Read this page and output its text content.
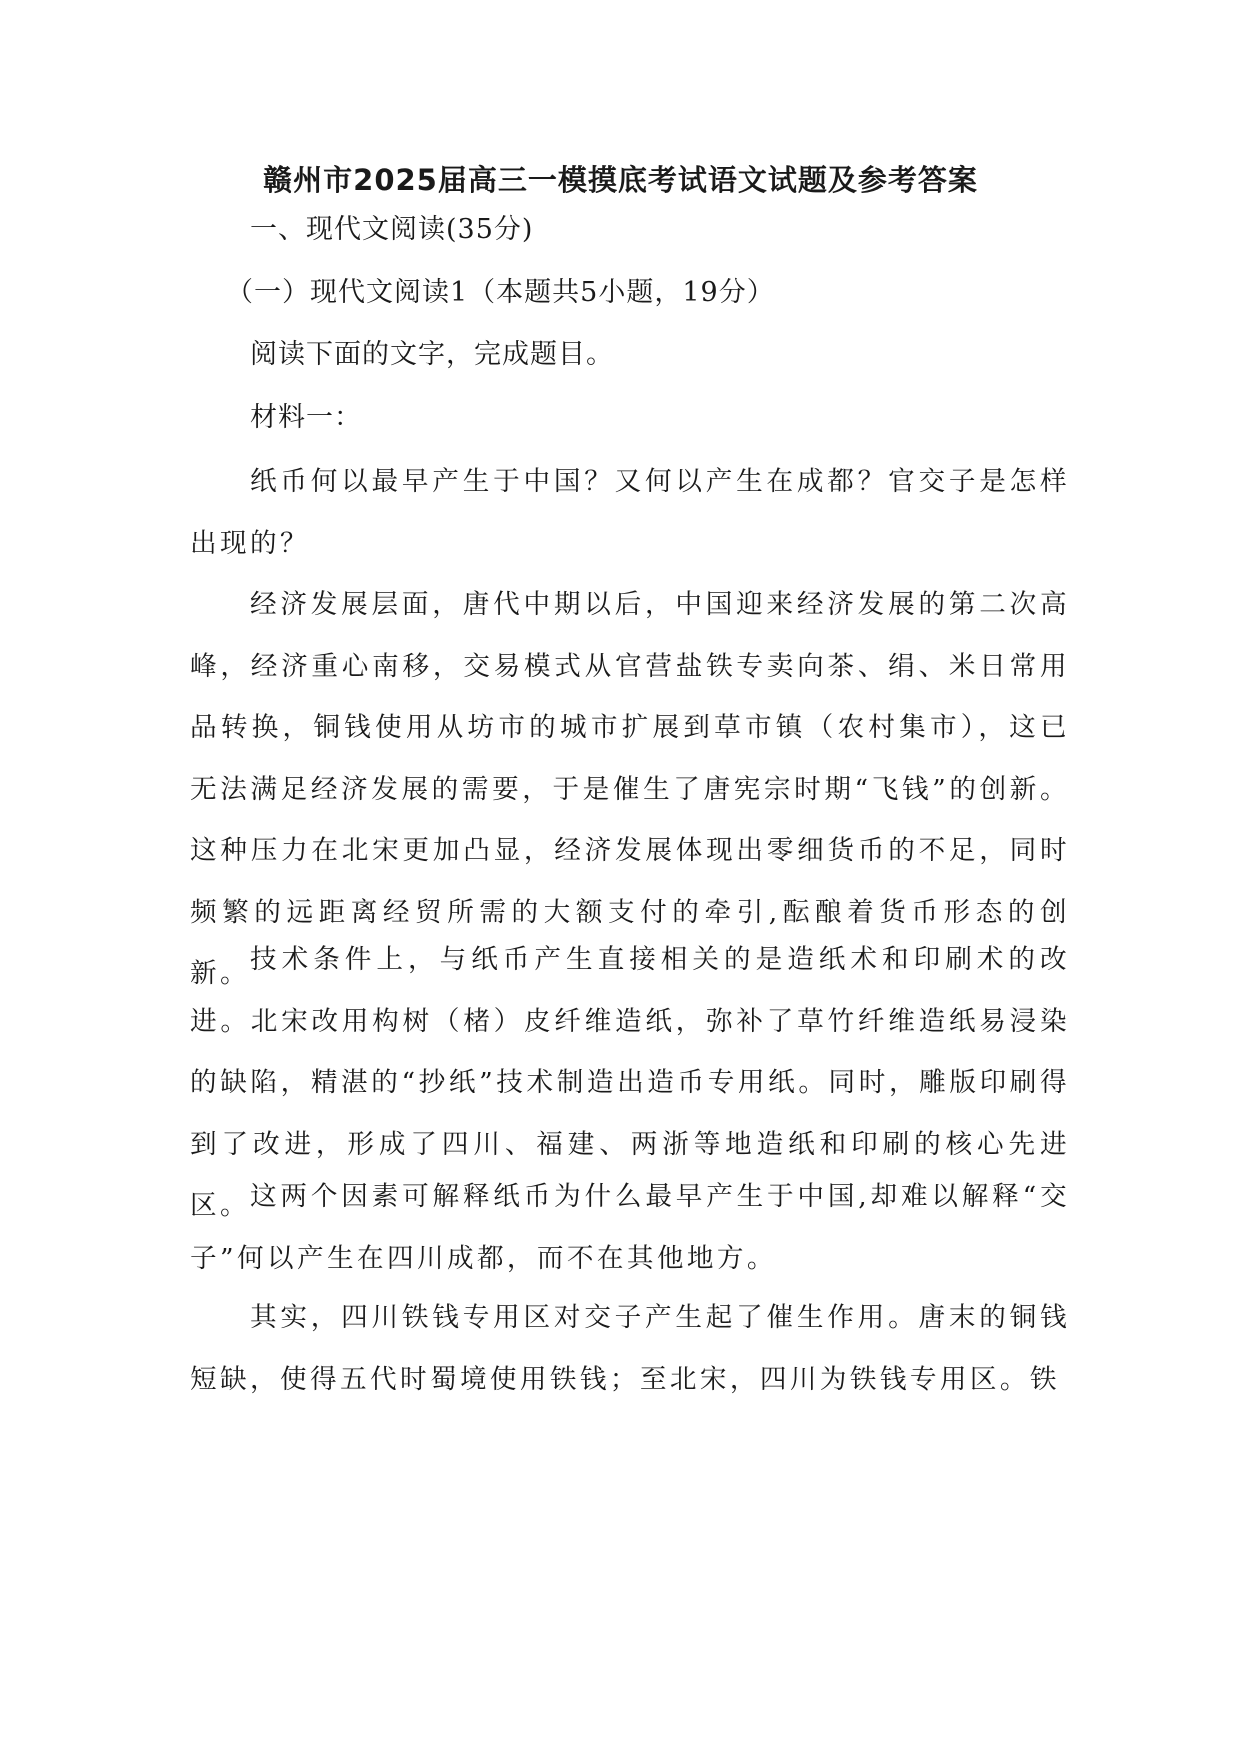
赣州市2025届高三一模摸底考试语文试题及参考答案
一、现代文阅读(35分)
（一）现代文阅读1（本题共5小题，19分）
阅读下面的文字，完成题目。
材料一：

纸币何以最早产生于中国？又何以产生在成都？官交子是怎样出现的？

经济发展层面，唐代中期以后，中国迎来经济发展的第二次高峰，经济重心南移，交易模式从官营盐铁专卖向茶、绢、米日常用品转换，铜钱使用从坊市的城市扩展到草市镇（农村集市），这已无法满足经济发展的需要，于是催生了唐宪宗时期“飞钱”的创新。这种压力在北宋更加凸显，经济发展体现出零细货币的不足，同时频繁的远距离经贸所需的大额支付的牵引,酝酿着货币形态的创新。 技术条件上，与纸币产生直接相关的是造纸术和印刷术的改进。北宋改用构树（楮）皮纤维造纸，弥补了草竹纤维造纸易浸染的缺陷，精湛的“抄纸”技术制造出造币专用纸。同时，雕版印刷得到了改进，形成了四川、福建、两浙等地造纸和印刷的核心先进区。 这两个因素可解释纸币为什么最早产生于中国,却难以解释“交子”何以产生在四川成都，而不在其他地方。

其实，四川铁钱专用区对交子产生起了催生作用。唐末的铜钱短缺，使得五代时蜀境使用铁钱；至北宋，四川为铁钱专用区。铁
